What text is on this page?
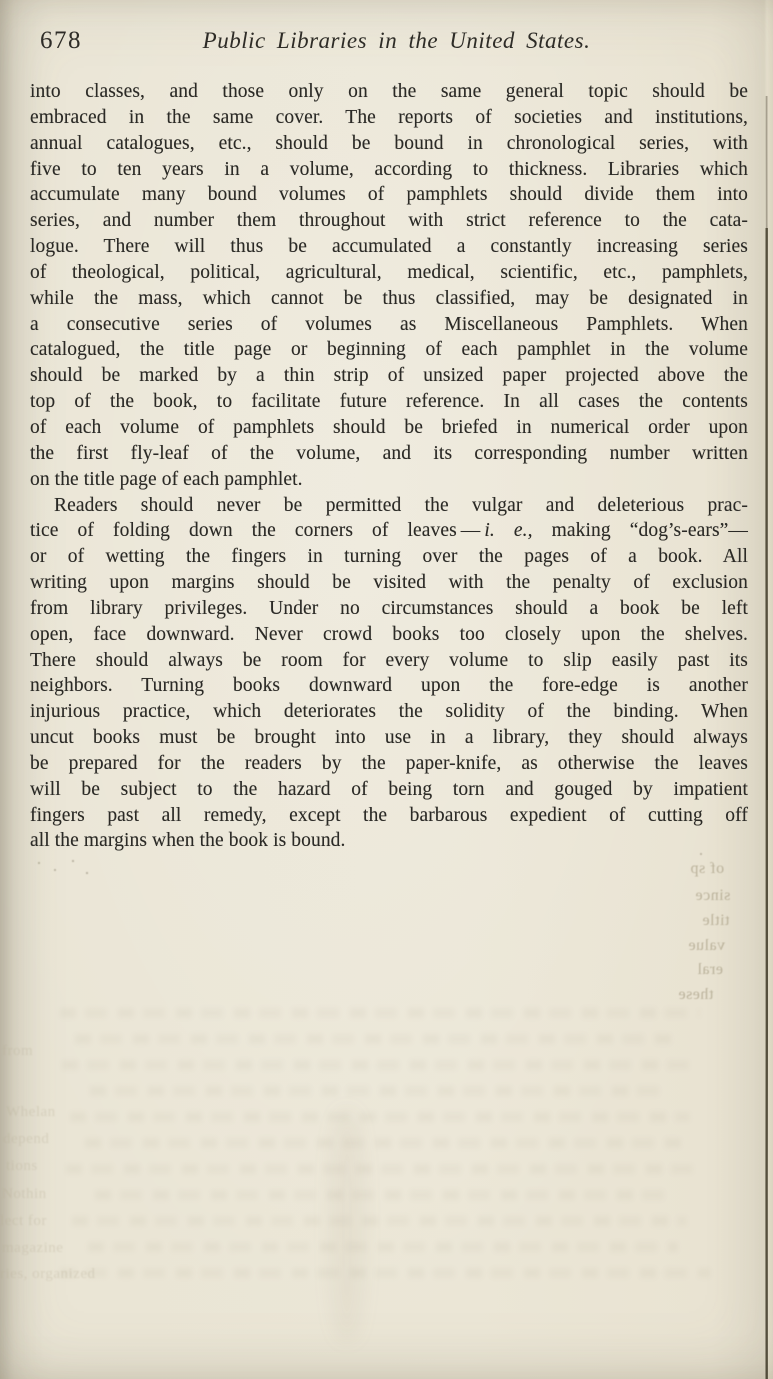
678	Public Libraries in the United States.
into classes, and those only on the same general topic should be
embraced in the same cover. The reports of societies and institutions,
annual catalogues, etc., should be bound in chronological series, with
five to ten years in a volume, according to thickness. Libraries which
accumulate many bound volumes of pamphlets should divide them into
series, and number them throughout with strict reference to the cata-
logue. There will thus be accumulated a constantly increasing series
of theological, political, agricultural, medical, scientific, etc., pamphlets,
while the mass, which cannot be thus classified, may be designated in
a consecutive series of volumes as Miscellaneous Pamphlets. When
catalogued, the title page or beginning of each pamphlet in the volume
should be marked by a thin strip of unsized paper projected above the
top of the book, to facilitate future reference. In all cases the contents
of each volume of pamphlets should be briefed in numerical order upon
the first fly-leaf of the volume, and its corresponding number written
on the title page of each pamphlet.
Readers should never be permitted the vulgar and deleterious prac-
tice of folding down the corners of leaves — i. e., making “dog’s-ears”—
or of wetting the fingers in turning over the pages of a book. All
writing upon margins should be visited with the penalty of exclusion
from library privileges. Under no circumstances should a book be left
open, face downward. Never crowd books too closely upon the shelves.
There should always be room for every volume to slip easily past its
neighbors. Turning books downward upon the fore-edge is another
injurious practice, which deteriorates the solidity of the binding. When
uncut books must be brought into use in a library, they should always
be prepared for the readers by the paper-knife, as otherwise the leaves
will be subject to the hazard of being torn and gouged by impatient
fingers past all remedy, except the barbarous expedient of cutting off
all the margins when the book is bound.
of sp
since
title
value
eral
these
from
Whelan
depend
tions
Nothin
lect for
magazine
ries, organized
